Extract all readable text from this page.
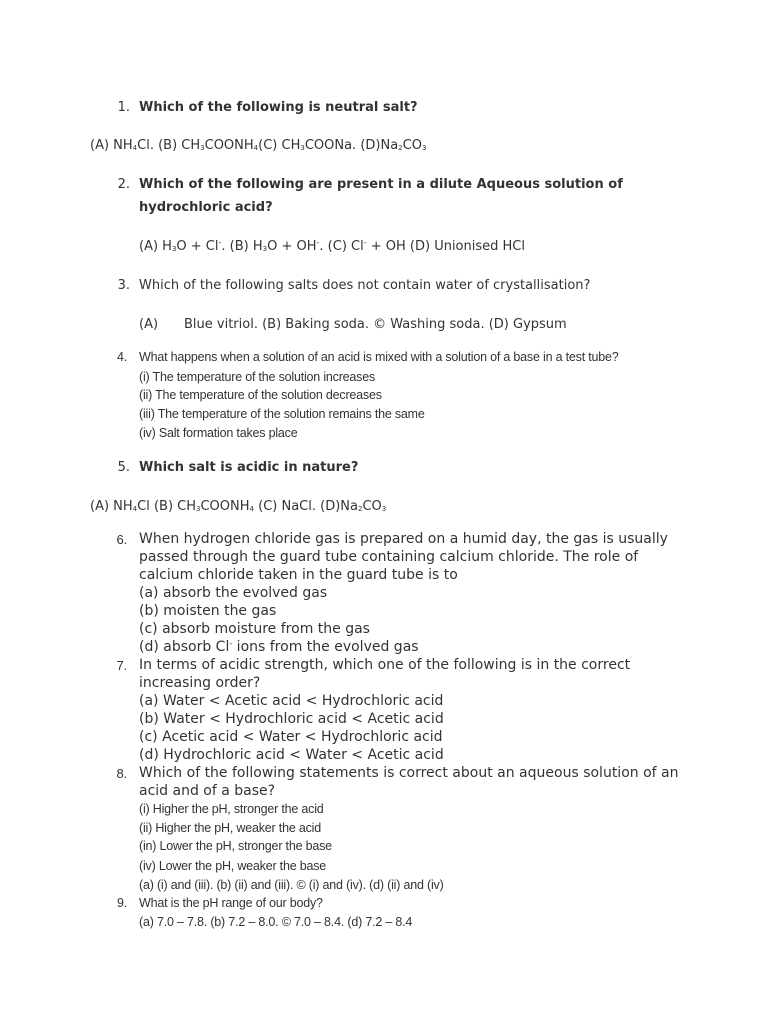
1. Which of the following is neutral salt?
(A) $NH_4Cl$. (B) $CH_3COONH_4(C)$ $CH_3COONa$. $(D)Na_2CO_3$
2. Which of the following are present in a dilute Aqueous solution of
hydrochloric acid?
(A) $H_3O + Cl^-$. (B) $H_3O + OH^-$. (C) Cl- + OH (D) Unionised HCl
3. Which of the following salts does not contain water of crystallisation?
(A) Blue vitriol. (B) Baking soda. © Washing soda. (D) Gypsum
4. What happens when a solution of an acid is mixed with a solution of a base in a test tube?
(i) The temperature of the solution increases
(ii) The temperature of the solution decreases
(iii) The temperature of the solution remains the same
(iv) Salt formation takes place
5. Which salt is acidic in nature?
(A) $NH_4Cl$ (B) $CH_3COONH_4$ (C) NaCl. $(D)Na_2CO_3$
6. When hydrogen chloride gas is prepared on a humid day, the gas is usually
passed through the guard tube containing calcium chloride. The role of
calcium chloride taken in the guard tube is to
(a) absorb the evolved gas
(b) moisten the gas
(c) absorb moisture from the gas
(d) absorb Cl- ions from the evolved gas
7. In terms of acidic strength, which one of the following is in the correct
increasing order?
(a) Water < Acetic acid < Hydrochloric acid
(b) Water < Hydrochloric acid < Acetic acid
(c) Acetic acid < Water < Hydrochloric acid
(d) Hydrochloric acid < Water < Acetic acid
8. Which of the following statements is correct about an aqueous solution of an
acid and of a base?
(i) Higher the pH, stronger the acid
(ii) Higher the pH, weaker the acid
(in) Lower the pH, stronger the base
(iv) Lower the pH, weaker the base
(a) (i) and (iii). (b) (ii) and (iii). © (i) and (iv). (d) (ii) and (iv)
9. What is the pH range of our body?
(a) 7.0 – 7.8. (b) 7.2 – 8.0. © 7.0 – 8.4. (d) 7.2 – 8.4
